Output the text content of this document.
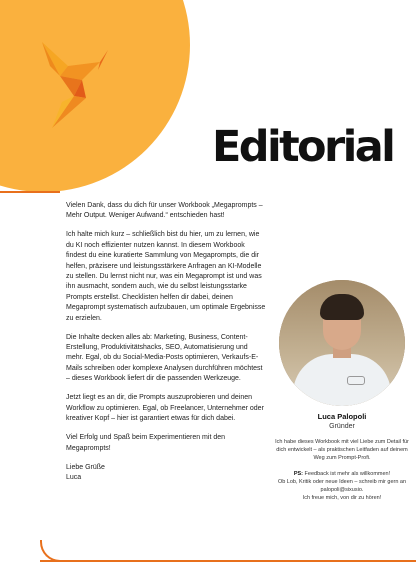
Editorial

Vielen Dank, dass du dich für unser Workbook „Megaprompts – Mehr Output. Weniger Aufwand.“ entschieden hast!

Ich halte mich kurz – schließlich bist du hier, um zu lernen, wie du KI noch effizienter nutzen kannst. In diesem Workbook findest du eine kuratierte Sammlung von Megaprompts, die dir helfen, präzisere und leistungsstärkere Anfragen an KI-Modelle zu stellen. Du lernst nicht nur, was ein Megaprompt ist und was ihn ausmacht, sondern auch, wie du selbst leistungsstarke Prompts erstellst. Checklisten helfen dir dabei, deinen Megaprompt systematisch aufzubauen, um optimale Ergebnisse zu erzielen.

Die Inhalte decken alles ab: Marketing, Business, Content-Erstellung, Produktivitätshacks, SEO, Automatisierung und mehr. Egal, ob du Social-Media-Posts optimieren, Verkaufs-E-Mails schreiben oder komplexe Analysen durchführen möchtest – dieses Workbook liefert dir die passenden Werkzeuge.

Jetzt liegt es an dir, die Prompts auszuprobieren und deinen Workflow zu optimieren. Egal, ob Freelancer, Unternehmer oder kreativer Kopf – hier ist garantiert etwas für dich dabei.

Viel Erfolg und Spaß beim Experimentieren mit den Megaprompts!

Liebe Grüße
Luca
Luca Palopoli
Gründer

Ich habe dieses Workbook mit viel Liebe zum Detail für dich entwickelt – als praktischen Leitfaden auf deinem Weg zum Prompt-Profi.

PS: Feedback ist mehr als willkommen!
Ob Lob, Kritik oder neue Ideen – schreib mir gern an palopoli@sixusio.
Ich freue mich, von dir zu hören!
